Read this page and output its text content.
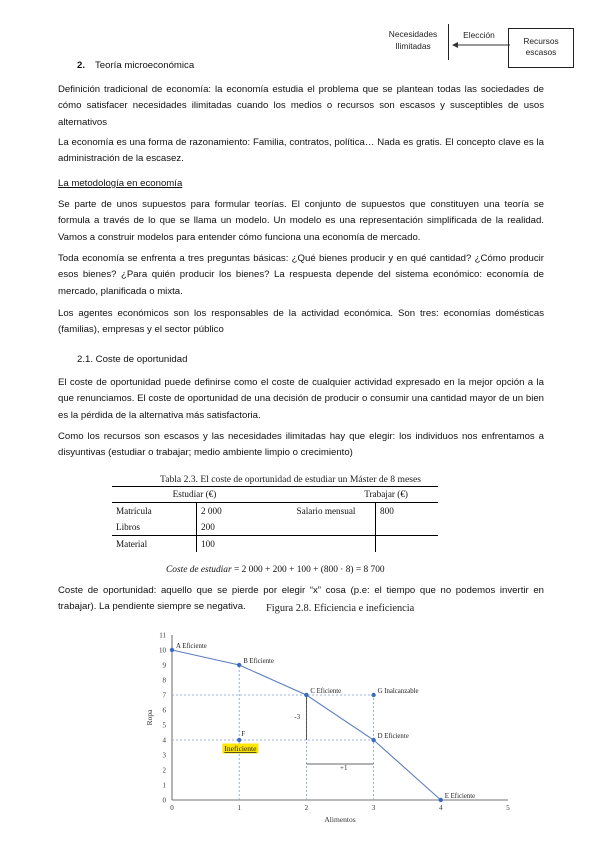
Necesidades
Ilimitadas
Elección
Recursos
escasos
2. Teoría microeconómica

Definición tradicional de economía: la economía estudia el problema que se plantean todas las sociedades de cómo satisfacer necesidades ilimitadas cuando los medios o recursos son escasos y susceptibles de usos alternativos

La economía es una forma de razonamiento: Familia, contratos, política… Nada es gratis. El concepto clave es la administración de la escasez.

La metodología en economía

Se parte de unos supuestos para formular teorías. El conjunto de supuestos que constituyen una teoría se formula a través de lo que se llama un modelo. Un modelo es una representación simplificada de la realidad. Vamos a construir modelos para entender cómo funciona una economía de mercado.

Toda economía se enfrenta a tres preguntas básicas: ¿Qué bienes producir y en qué cantidad? ¿Cómo producir esos bienes? ¿Para quién producir los bienes? La respuesta depende del sistema económico: economía de mercado, planificada o mixta.

Los agentes económicos son los responsables de la actividad económica. Son tres: economías domésticas (familias), empresas y el sector público

2.1. Coste de oportunidad

El coste de oportunidad puede definirse como el coste de cualquier actividad expresado en la mejor opción a la que renunciamos. El coste de oportunidad de una decisión de producir o consumir una cantidad mayor de un bien es la pérdida de la alternativa más satisfactoria.

Como los recursos son escasos y las necesidades ilimitadas hay que elegir: los individuos nos enfrentamos a disyuntivas (estudiar o trabajar; medio ambiente limpio o crecimiento)

Tabla 2.3. El coste de oportunidad de estudiar un Máster de 8 meses
Estudiar (€)		Trabajar (€)	
Matrícula	2 000	Salario mensual	800
Libros	200		
Material	100		
Coste de estudiar = 2 000 + 200 + 100 + (800 · 8) = 8 700

Coste de oportunidad: aquello que se pierde por elegir “x” cosa (p.e: el tiempo que no podemos invertir en trabajar). La pendiente siempre se negativa.	Figura 2.8. Eficiencia e ineficiencia
0	1	2	3	4	5
0
1
2
3
4
5
6
7
8
9
10
11
A Eficiente
B Eficiente
C Eficiente
D Eficiente
E Eficiente
G Inalcanzable
F
Ineficiente
-3
+1
Alimentos
Ropa
